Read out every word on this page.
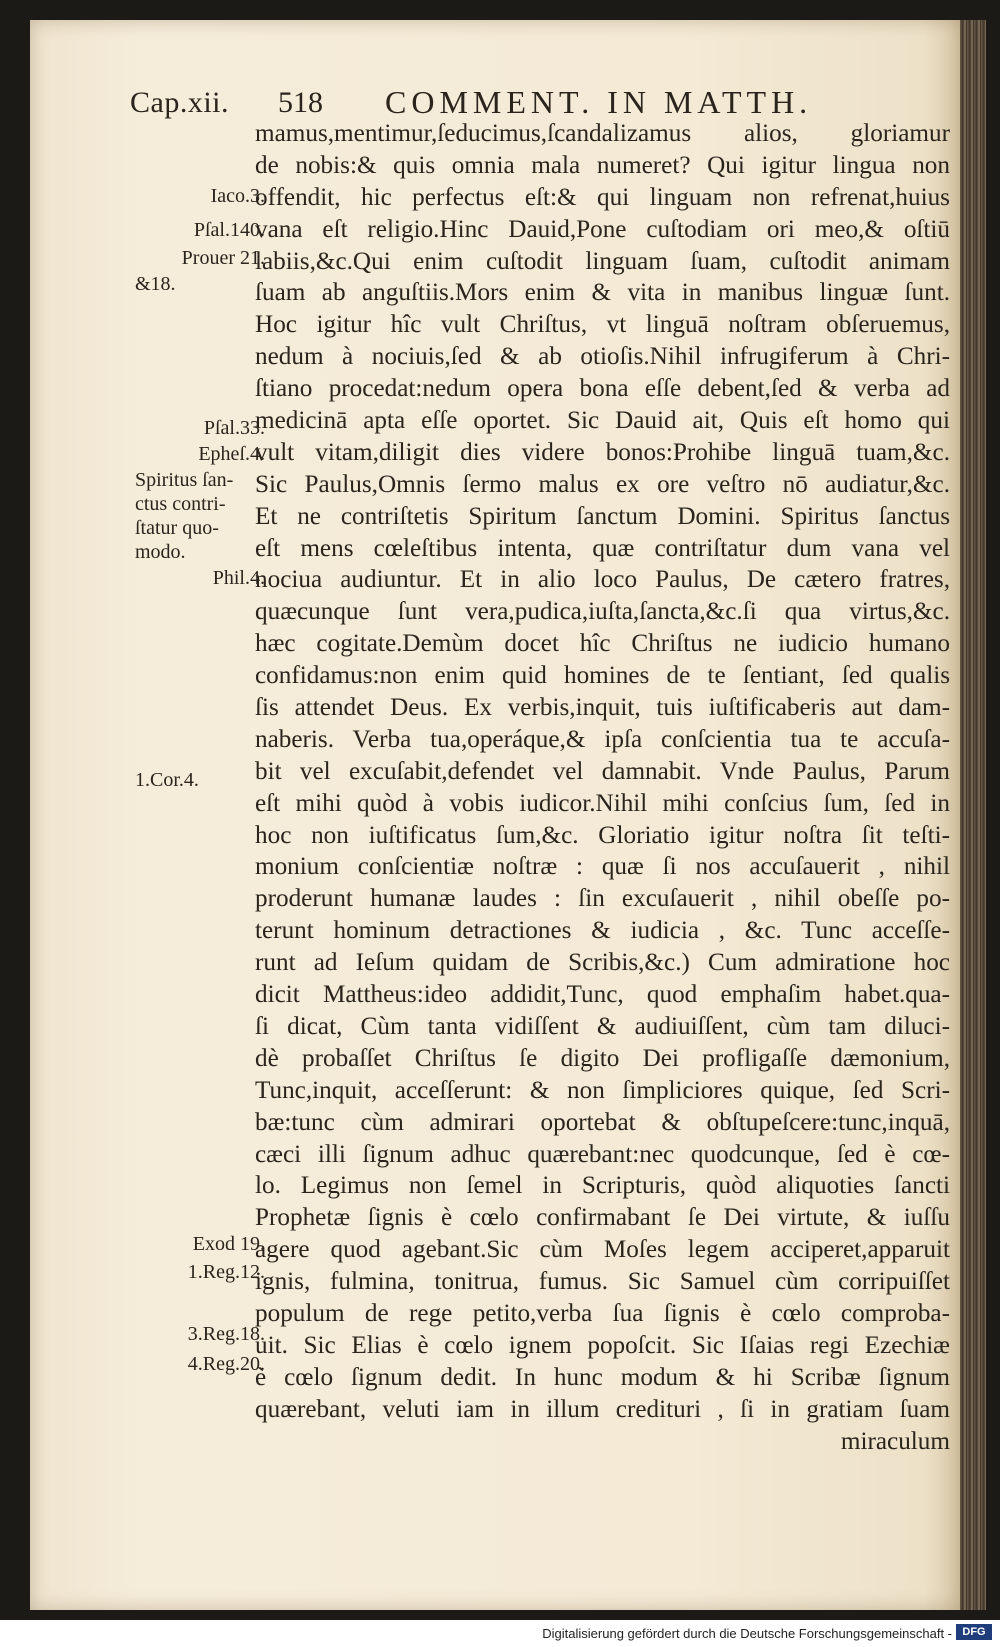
Cap.xii. 518 COMMENT. IN MATTH.
Iaco.3.
Pſal.140.
Prouer 21.
&18.
Pſal.33.
Epheſ.4.
Spiritus ſan-
ctus contri-
ſtatur quo-
modo.
Phil.4.
1.Cor.4.
Exod 19.
1.Reg.12.
3.Reg.18.
4.Reg.20.
mamus,mentimur,ſeducimus,ſcandalizamus alios, gloriamur
de nobis:& quis omnia mala numeret? Qui igitur lingua non
offendit, hic perfectus eſt:& qui linguam non refrenat,huius
vana eſt religio.Hinc Dauid,Pone cuſtodiam ori meo,& oſtiū
labiis,&c.Qui enim cuſtodit linguam ſuam, cuſtodit animam
ſuam ab anguſtiis.Mors enim & vita in manibus linguæ ſunt.
Hoc igitur hîc vult Chriſtus, vt linguā noſtram obſeruemus,
nedum à nociuis,ſed & ab otioſis.Nihil infrugiferum à Chri-
ſtiano procedat:nedum opera bona eſſe debent,ſed & verba ad
medicinā apta eſſe oportet. Sic Dauid ait, Quis eſt homo qui
vult vitam,diligit dies videre bonos:Prohibe linguā tuam,&c.
Sic Paulus,Omnis ſermo malus ex ore veſtro nō audiatur,&c.
Et ne contriſtetis Spiritum ſanctum Domini. Spiritus ſanctus
eſt mens cœleſtibus intenta, quæ contriſtatur dum vana vel
nociua audiuntur. Et in alio loco Paulus, De cætero fratres,
quæcunque ſunt vera,pudica,iuſta,ſancta,&c.ſi qua virtus,&c.
hæc cogitate.Demùm docet hîc Chriſtus ne iudicio humano
confidamus:non enim quid homines de te ſentiant, ſed qualis
ſis attendet Deus. Ex verbis,inquit, tuis iuſtificaberis aut dam-
naberis. Verba tua,operáque,& ipſa conſcientia tua te accuſa-
bit vel excuſabit,defendet vel damnabit. Vnde Paulus, Parum
eſt mihi quòd à vobis iudicor.Nihil mihi conſcius ſum, ſed in
hoc non iuſtificatus ſum,&c. Gloriatio igitur noſtra ſit teſti-
monium conſcientiæ noſtræ : quæ ſi nos accuſauerit , nihil
proderunt humanæ laudes : ſin excuſauerit , nihil obeſſe po-
terunt hominum detractiones & iudicia , &c. Tunc acceſſe-
runt ad Ieſum quidam de Scribis,&c.) Cum admiratione hoc
dicit Mattheus:ideo addidit,Tunc, quod emphaſim habet.qua-
ſi dicat, Cùm tanta vidiſſent & audiuiſſent, cùm tam diluci-
dè probaſſet Chriſtus ſe digito Dei profligaſſe dæmonium,
Tunc,inquit, acceſſerunt: & non ſimpliciores quique, ſed Scri-
bæ:tunc cùm admirari oportebat & obſtupeſcere:tunc,inquā,
cæci illi ſignum adhuc quærebant:nec quodcunque, ſed è cœ-
lo. Legimus non ſemel in Scripturis, quòd aliquoties ſancti
Prophetæ ſignis è cœlo confirmabant ſe Dei virtute, & iuſſu
agere quod agebant.Sic cùm Moſes legem acciperet,apparuit
ignis, fulmina, tonitrua, fumus. Sic Samuel cùm corripuiſſet
populum de rege petito,verba ſua ſignis è cœlo comproba-
uit. Sic Elias è cœlo ignem popoſcit. Sic Iſaias regi Ezechiæ
è cœlo ſignum dedit. In hunc modum & hi Scribæ ſignum
quærebant, veluti iam in illum credituri , ſi in gratiam ſuam
miraculum
Digitalisierung gefördert durch die Deutsche Forschungsgemeinschaft - DFG
